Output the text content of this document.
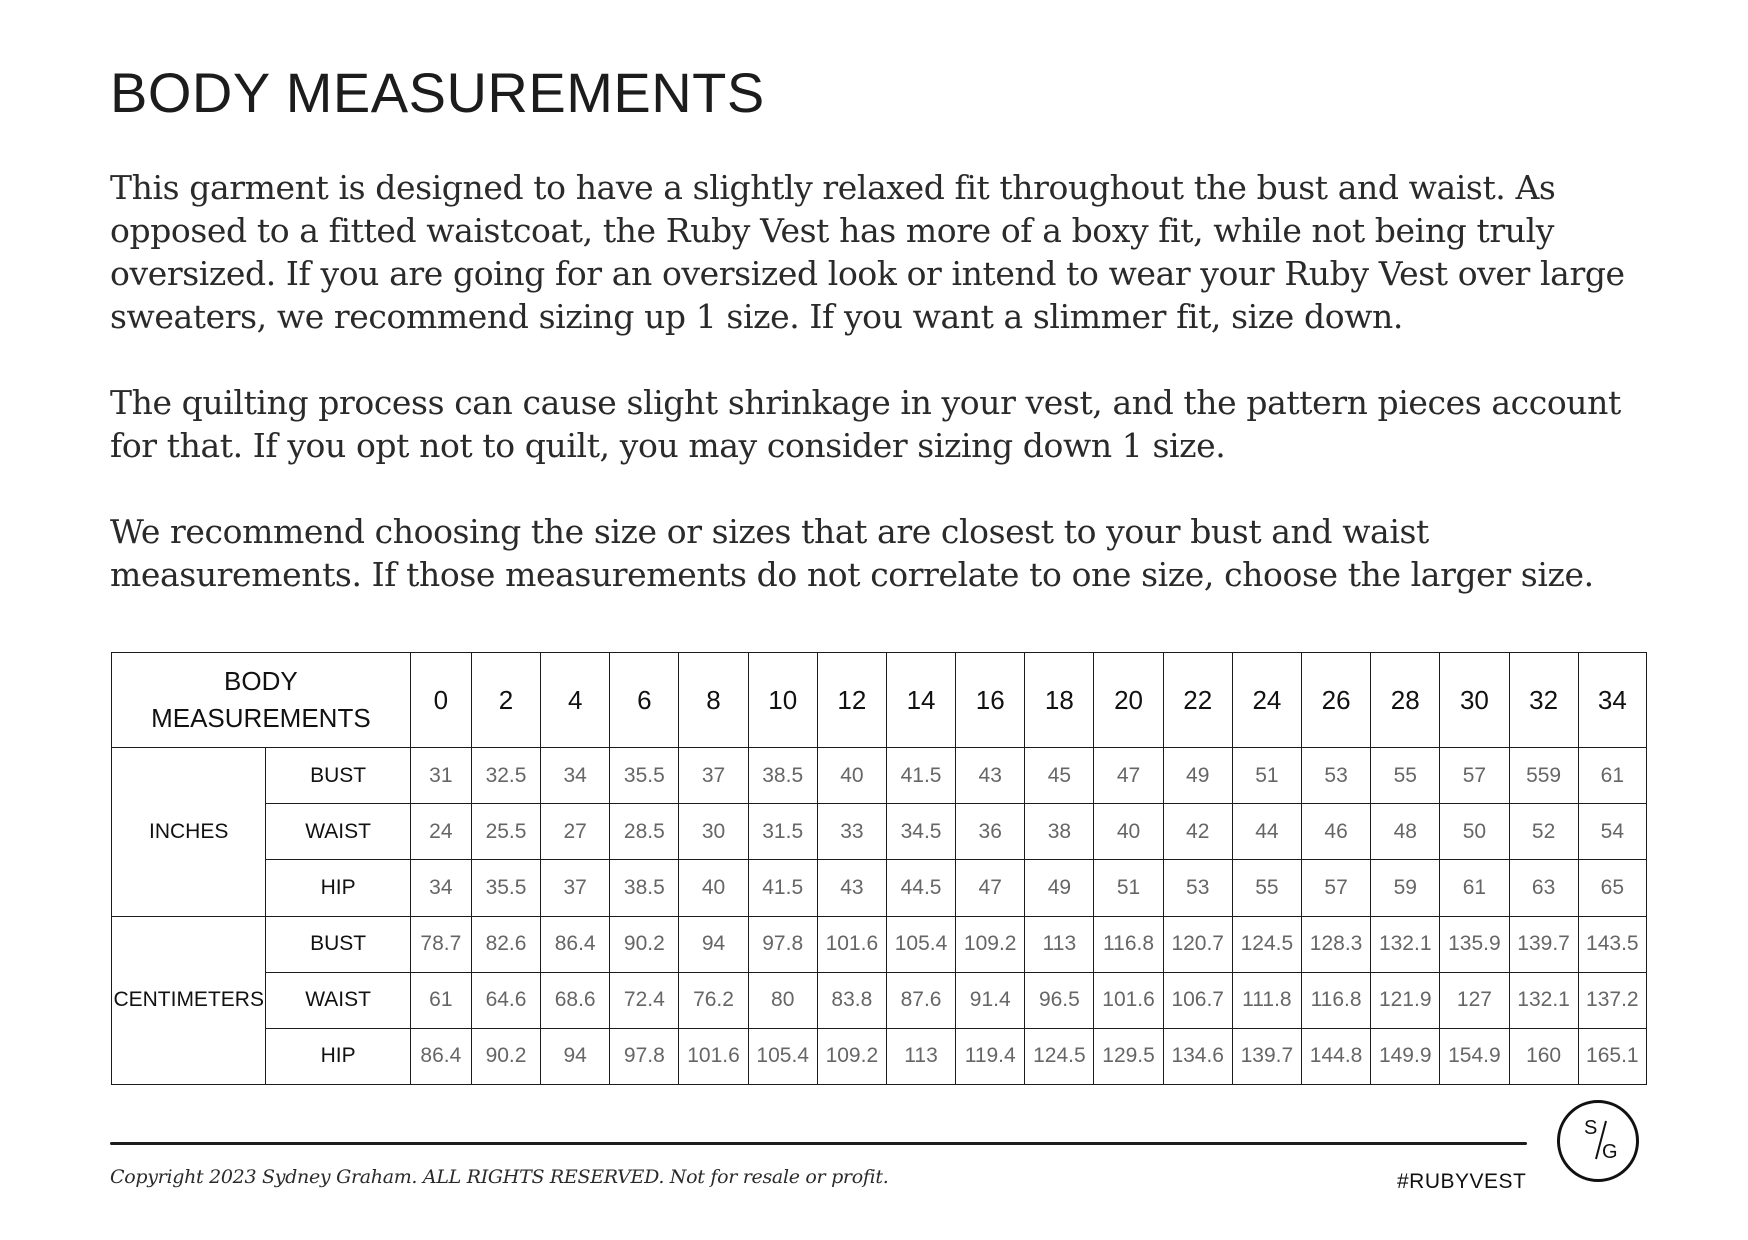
BODY MEASUREMENTS

This garment is designed to have a slightly relaxed fit throughout the bust and waist. As opposed to a fitted waistcoat, the Ruby Vest has more of a boxy fit, while not being truly oversized. If you are going for an oversized look or intend to wear your Ruby Vest over large sweaters, we recommend sizing up 1 size. If you want a slimmer fit, size down.

The quilting process can cause slight shrinkage in your vest, and the pattern pieces account for that. If you opt not to quilt, you may consider sizing down 1 size.

We recommend choosing the size or sizes that are closest to your bust and waist measurements. If those measurements do not correlate to one size, choose the larger size.

BODY
MEASUREMENTS		0	2	4	6	8	10	12	14	16	18	20	22	24	26	28	30	32	34
INCHES	BUST	31	32.5	34	35.5	37	38.5	40	41.5	43	45	47	49	51	53	55	57	559	61
	WAIST	24	25.5	27	28.5	30	31.5	33	34.5	36	38	40	42	44	46	48	50	52	54
	HIP	34	35.5	37	38.5	40	41.5	43	44.5	47	49	51	53	55	57	59	61	63	65
CENTIMETERS	BUST	78.7	82.6	86.4	90.2	94	97.8	101.6	105.4	109.2	113	116.8	120.7	124.5	128.3	132.1	135.9	139.7	143.5
	WAIST	61	64.6	68.6	72.4	76.2	80	83.8	87.6	91.4	96.5	101.6	106.7	111.8	116.8	121.9	127	132.1	137.2
	HIP	86.4	90.2	94	97.8	101.6	105.4	109.2	113	119.4	124.5	129.5	134.6	139.7	144.8	149.9	154.9	160	165.1
Copyright 2023 Sydney Graham. ALL RIGHTS RESERVED. Not for resale or profit.	#RUBYVEST
S
G
